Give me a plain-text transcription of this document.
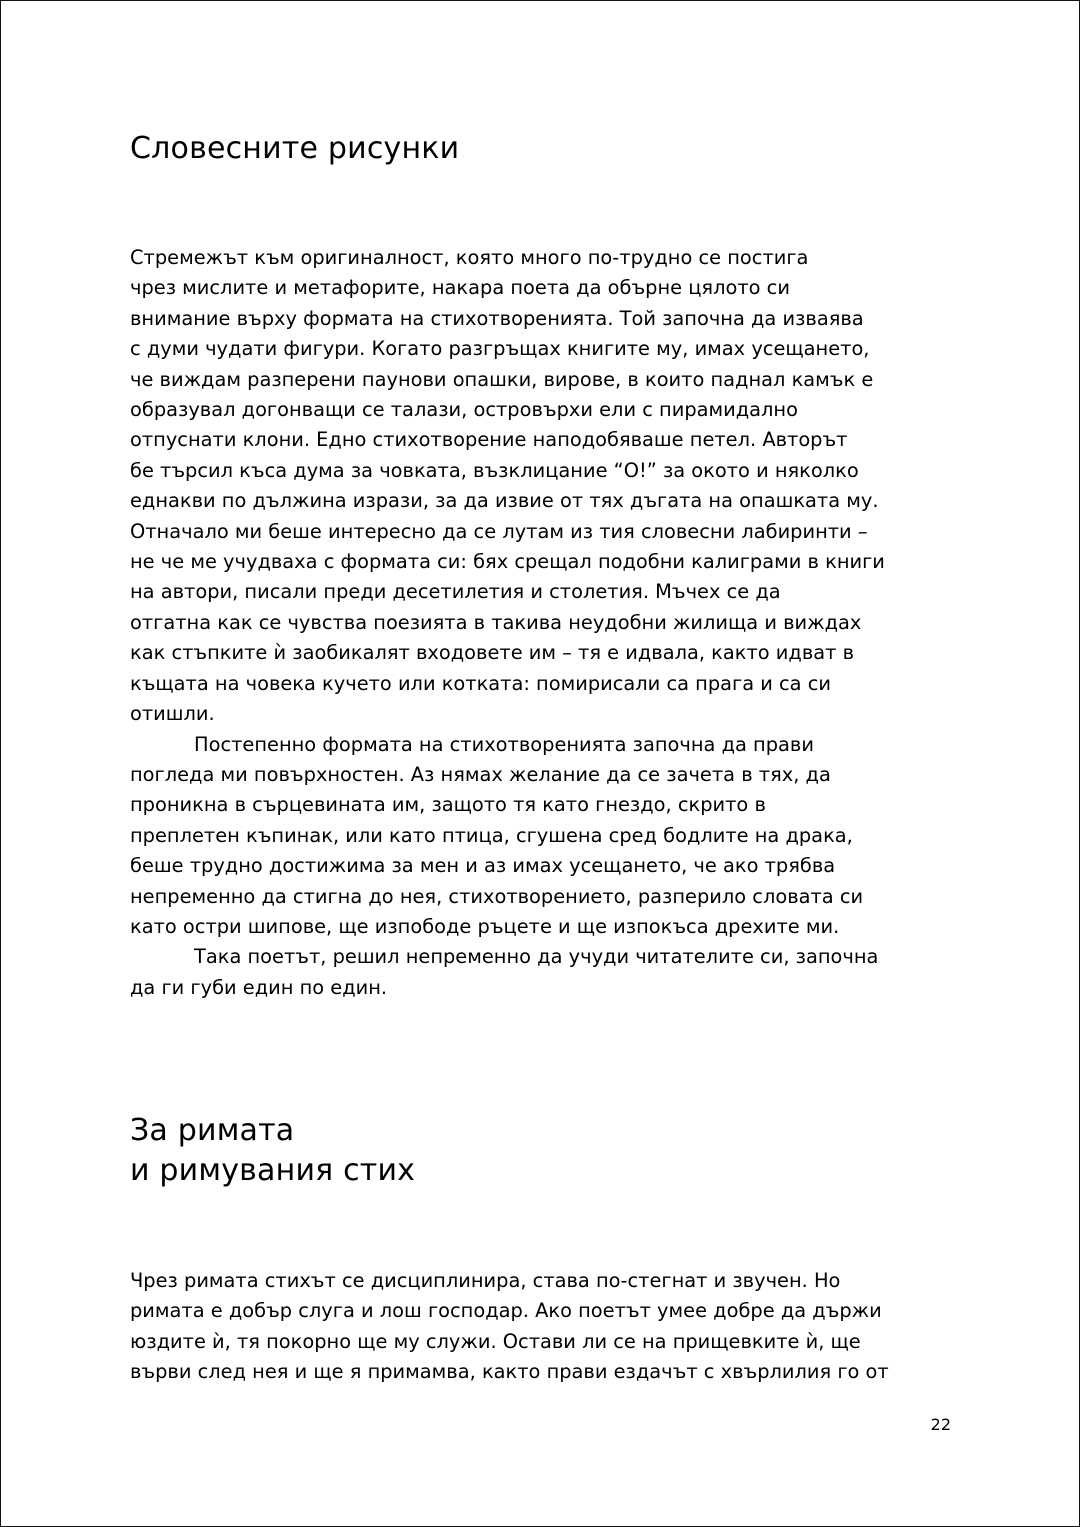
Словесните рисунки
Стремежът към оригиналност, която много по-трудно се постига
чрез мислите и метафорите, накара поета да обърне цялото си
внимание върху формата на стихотворенията. Той започна да изваява
с думи чудати фигури. Когато разгръщах книгите му, имах усещането,
че виждам разперени паунови опашки, вирове, в които паднал камък е
образувал догонващи се талази, островърхи ели с пирамидално
отпуснати клони. Едно стихотворение наподобяваше петел. Авторът
бе търсил къса дума за човката, възклицание “О!” за окото и няколко
еднакви по дължина изрази, за да извие от тях дъгата на опашката му.
Отначало ми беше интересно да се лутам из тия словесни лабиринти –
не че ме учудваха с формата си: бях срещал подобни калиграми в книги
на автори, писали преди десетилетия и столетия. Мъчех се да
отгатна как се чувства поезията в такива неудобни жилища и виждах
как стъпките ѝ заобикалят входовете им – тя е идвала, както идват в
къщата на човека кучето или котката: помирисали са прага и са си
отишли.
Постепенно формата на стихотворенията започна да прави
погледа ми повърхностен. Аз нямах желание да се зачета в тях, да
проникна в сърцевината им, защото тя като гнездо, скрито в
преплетен къпинак, или като птица, сгушена сред бодлите на драка,
беше трудно достижима за мен и аз имах усещането, че ако трябва
непременно да стигна до нея, стихотворението, разперило словата си
като остри шипове, ще изпободе ръцете и ще изпокъса дрехите ми.
Така поетът, решил непременно да учуди читателите си, започна
да ги губи един по един.
За римата
и римувания стих
Чрез римата стихът се дисциплинира, става по-стегнат и звучен. Но
римата е добър слуга и лош господар. Ако поетът умее добре да държи
юздите ѝ, тя покорно ще му служи. Остави ли се на прищевките ѝ, ще
върви след нея и ще я примамва, както прави ездачът с хвърлилия го от
22
